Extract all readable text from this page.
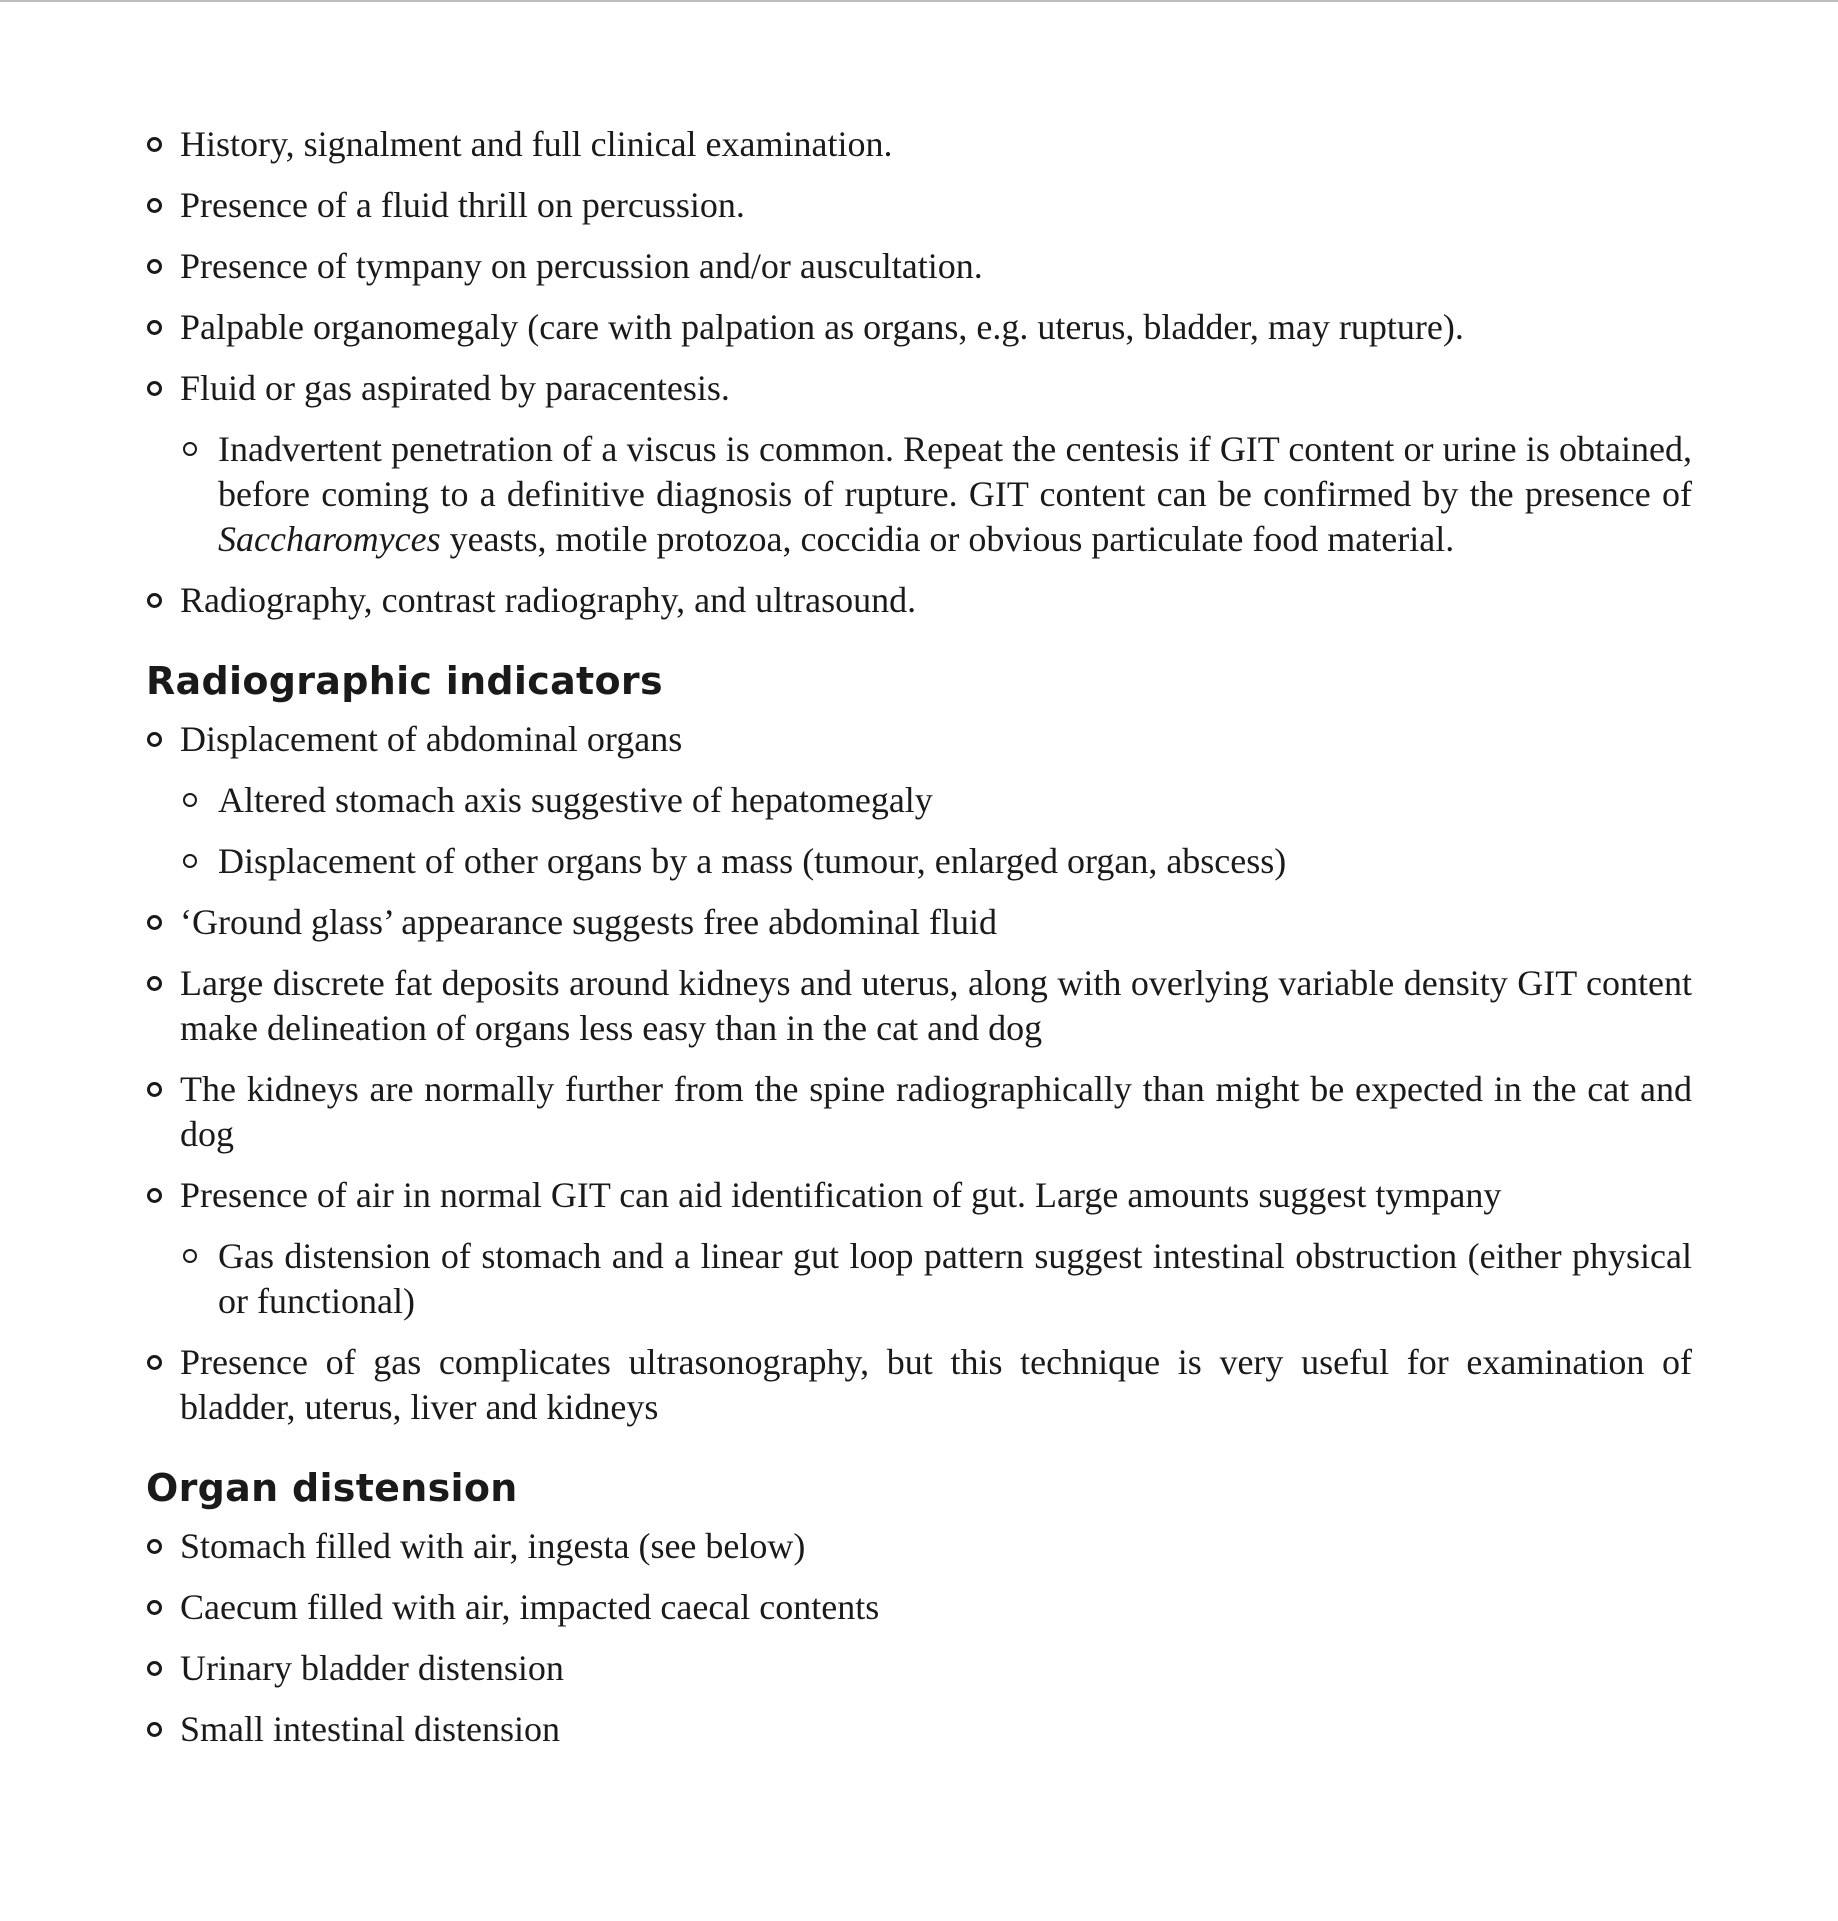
History, signalment and full clinical examination.

Presence of a fluid thrill on percussion.

Presence of tympany on percussion and/or auscultation.

Palpable organomegaly (care with palpation as organs, e.g. uterus, bladder, may rupture).

Fluid or gas aspirated by paracentesis.

Inadvertent penetration of a viscus is common. Repeat the centesis if GIT content or urine is obtained, before coming to a definitive diagnosis of rupture. GIT content can be confirmed by the presence of Saccharomyces yeasts, motile protozoa, coccidia or obvious particulate food material.

Radiography, contrast radiography, and ultrasound.

Radiographic indicators

Displacement of abdominal organs

Altered stomach axis suggestive of hepatomegaly

Displacement of other organs by a mass (tumour, enlarged organ, abscess)

‘Ground glass’ appearance suggests free abdominal fluid

Large discrete fat deposits around kidneys and uterus, along with overlying variable density GIT content make delineation of organs less easy than in the cat and dog

The kidneys are normally further from the spine radiographically than might be expected in the cat and dog

Presence of air in normal GIT can aid identification of gut. Large amounts suggest tympany

Gas distension of stomach and a linear gut loop pattern suggest intestinal obstruction (either physical or functional)

Presence of gas complicates ultrasonography, but this technique is very useful for examination of bladder, uterus, liver and kidneys

Organ distension

Stomach filled with air, ingesta (see below)

Caecum filled with air, impacted caecal contents

Urinary bladder distension

Small intestinal distension
